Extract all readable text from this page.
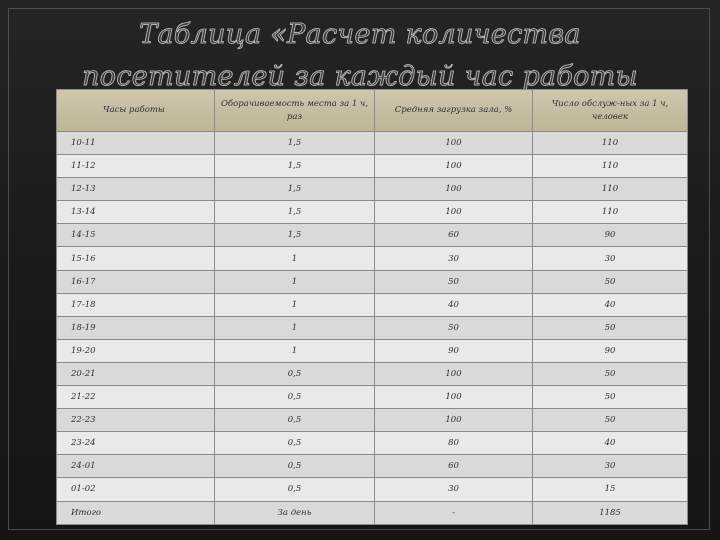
Таблица «Расчет количества посетителей за каждый час работы кафе»
Часы работы	Оборачиваемость места за 1 ч, раз	Средняя загрузка зала, %	Число обслуж-ных за 1 ч, человек
10-11	1,5	100	110
11-12	1,5	100	110
12-13	1,5	100	110
13-14	1,5	100	110
14-15	1,5	60	90
15-16	1	30	30
16-17	1	50	50
17-18	1	40	40
18-19	1	50	50
19-20	1	90	90
20-21	0,5	100	50
21-22	0,5	100	50
22-23	0,5	100	50
23-24	0,5	80	40
24-01	0,5	60	30
01-02	0,5	30	15
Итого	За день	-	1185
